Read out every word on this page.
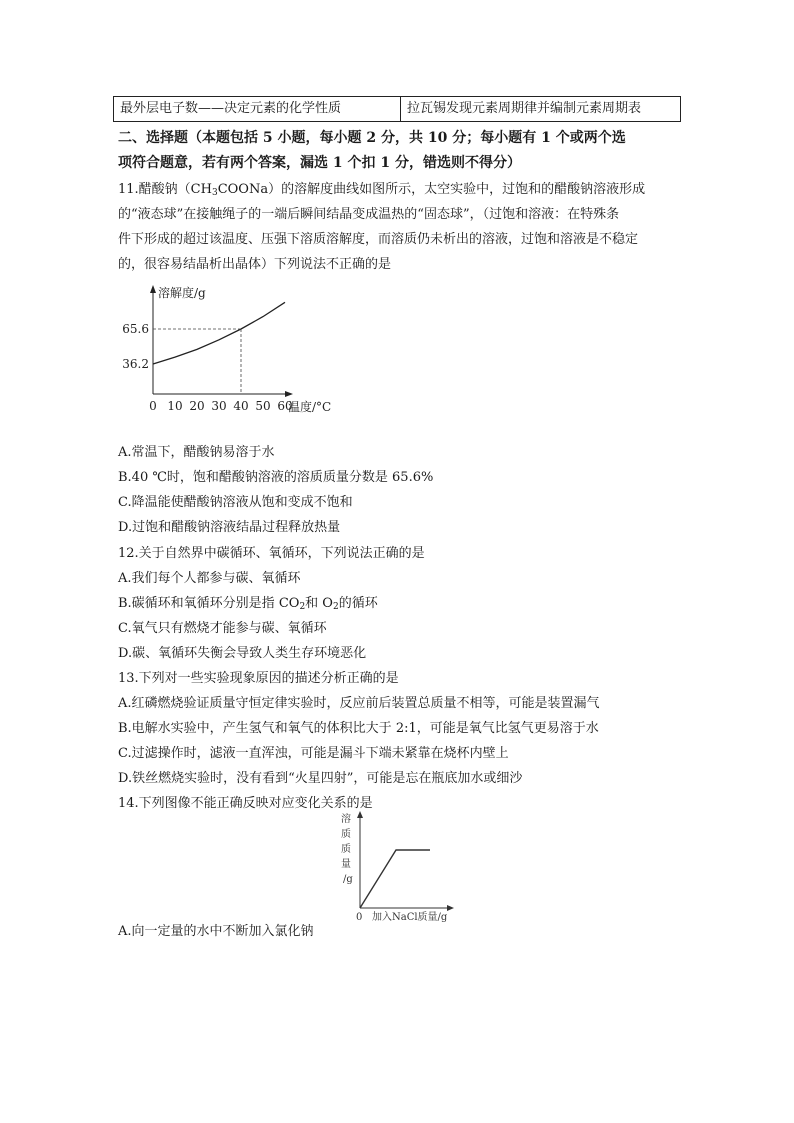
最外层电子数——决定元素的化学性质	拉瓦锡发现元素周期律并编制元素周期表
二、选择题（本题包括 5 小题，每小题 2 分，共 10 分；每小题有 1 个或两个选
项符合题意，若有两个答案，漏选 1 个扣 1 分，错选则不得分）
11.醋酸钠$(CH_3COONa)$的溶解度曲线如图所示，太空实验中，过饱和的醋酸钠溶液形成
的“液态球”在接触绳子的一端后瞬间结晶变成温热的“固态球”，（过饱和溶液：在特殊条
件下形成的超过该温度、压强下溶质溶解度，而溶质仍未析出的溶液，过饱和溶液是不稳定
的，很容易结晶析出晶体）下列说法不正确的是
0 10 20 30 40 50 60
36.2
65.6
溶解度/g
温度/°C
A.常温下，醋酸钠易溶于水
B.40 ℃时，饱和醋酸钠溶液的溶质质量分数是 65.6%
C.降温能使醋酸钠溶液从饱和变成不饱和
D.过饱和醋酸钠溶液结晶过程释放热量
12.关于自然界中碳循环、氧循环，下列说法正确的是
A.我们每个人都参与碳、氧循环
B.碳循环和氧循环分别是指 $CO_2$和 $O_2$的循环
C.氧气只有燃烧才能参与碳、氧循环
D.碳、氧循环失衡会导致人类生存环境恶化
13.下列对一些实验现象原因的描述分析正确的是
A.红磷燃烧验证质量守恒定律实验时，反应前后装置总质量不相等，可能是装置漏气
B.电解水实验中，产生氢气和氧气的体积比大于 2:1，可能是氧气比氢气更易溶于水
C.过滤操作时，滤液一直浑浊，可能是漏斗下端未紧靠在烧杯内壁上
D.铁丝燃烧实验时，没有看到“火星四射”，可能是忘在瓶底加水或细沙
14.下列图像不能正确反映对应变化关系的是
溶
质
质
量
/g
0 加入NaCl质量/g
A.向一定量的水中不断加入氯化钠
